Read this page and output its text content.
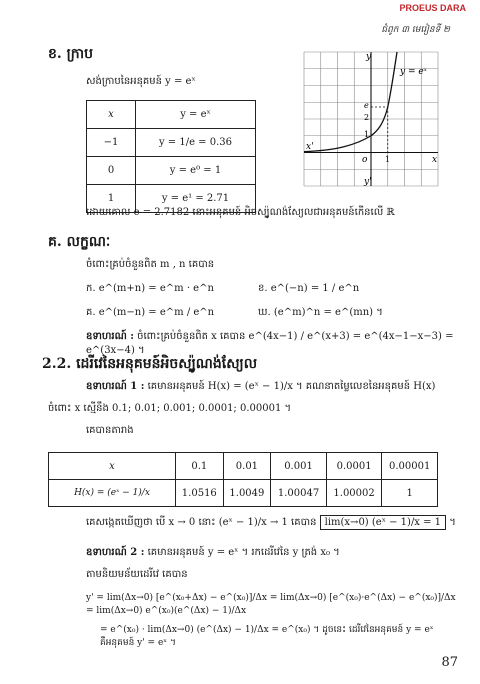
PROEUS DARA
ជំពូក ៣ មេរៀនទី ២
ខ. ក្រាប
សង់ក្រាបនៃអនុគមន៍ y = eˣ
x	y = eˣ
−1	y = 1/e = 0.36
0	y = e⁰ = 1
1	y = e¹ = 2.71
y = eˣ
y
y'
x
x'
o
e
2
1
1
ដោយគោល e = 2.7182 នោះអនុគមន៍ អិចស្ប៉ូណង់ស្យែលជាអនុគមន៍កើនលើ ℝ
គ. លក្ខណៈ
ចំពោះគ្រប់ចំនួនពិត m , n គេបាន
ក. e^(m+n) = e^m · e^n	ខ. e^(−n) = 1 / e^n
គ. e^(m−n) = e^m / e^n	ឃ. (e^m)^n = e^(mn) ។
ឧទាហរណ៍ : ចំពោះគ្រប់ចំនួនពិត x គេបាន e^(4x−1) / e^(x+3) = e^(4x−1−x−3) = e^(3x−4) ។
2.2. ដេរីវេនៃអនុគមន៍អិចស្ប៉ូណង់ស្យែល
ឧទាហរណ៍ 1 : គេមានអនុគមន៍ H(x) = (eˣ − 1)/x ។ គណនាតម្លៃលេខនៃអនុគមន៍ H(x)
ចំពោះ x ស្មើនឹង 0.1; 0.01; 0.001; 0.0001; 0.00001 ។
គេបានតារាង
x	0.1	0.01	0.001	0.0001	0.00001
H(x) = (eˣ − 1)/x	1.0516	1.0049	1.00047	1.00002	1
គេសង្កេតឃើញថា បើ x → 0 នោះ (eˣ − 1)/x → 1 គេបាន lim(x→0) (eˣ − 1)/x = 1 ។
ឧទាហរណ៍ 2 : គេមានអនុគមន៍ y = eˣ ។ រកដេរីវេនៃ y ត្រង់ x₀ ។
តាមនិយមន័យដេរីវេ គេបាន
y' = lim(Δx→0) [e^(x₀+Δx) − e^(x₀)]/Δx = lim(Δx→0) [e^(x₀)·e^(Δx) − e^(x₀)]/Δx = lim(Δx→0) e^(x₀)(e^(Δx) − 1)/Δx
= e^(x₀) · lim(Δx→0) (e^(Δx) − 1)/Δx = e^(x₀) ។ ដូចនេះ ដេរីវេនៃអនុគមន៍ y = eˣ គឺអនុគមន៍ y' = eˣ ។
87
